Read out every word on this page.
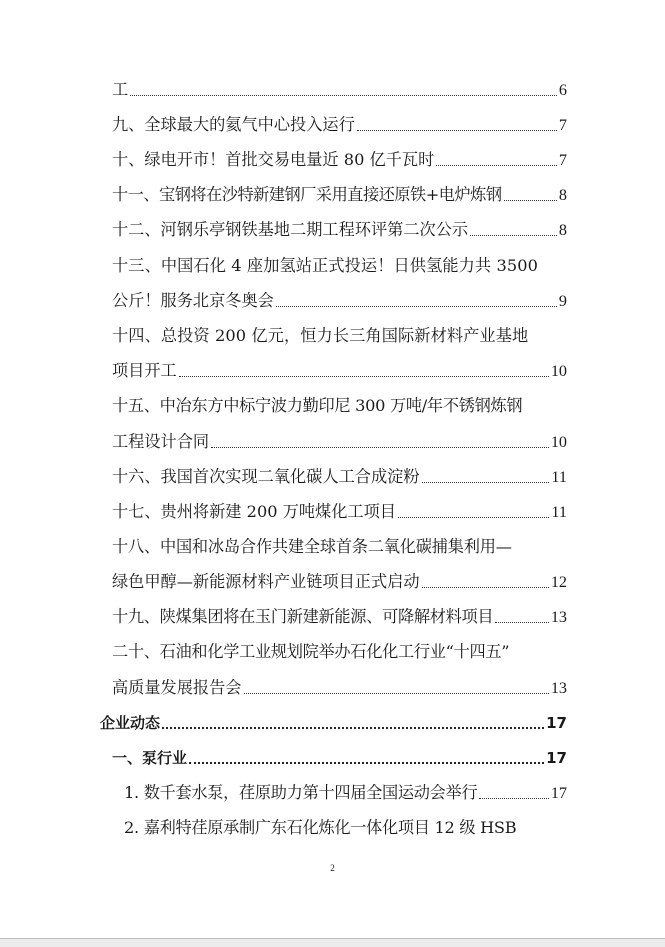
工	6
九、全球最大的氦气中心投入运行	7
十、绿电开市！首批交易电量近 80 亿千瓦时	7
十一、宝钢将在沙特新建钢厂采用直接还原铁+电炉炼钢	8
十二、河钢乐亭钢铁基地二期工程环评第二次公示	8
十三、中国石化 4 座加氢站正式投运！日供氢能力共 3500
公斤！服务北京冬奥会	9
十四、总投资 200 亿元，恒力长三角国际新材料产业基地
项目开工	10
十五、中冶东方中标宁波力勤印尼 300 万吨/年不锈钢炼钢
工程设计合同	10
十六、我国首次实现二氧化碳人工合成淀粉	11
十七、贵州将新建 200 万吨煤化工项目	11
十八、中国和冰岛合作共建全球首条二氧化碳捕集利用—
绿色甲醇—新能源材料产业链项目正式启动	12
十九、陕煤集团将在玉门新建新能源、可降解材料项目	13
二十、石油和化学工业规划院举办石化化工行业“十四五”
高质量发展报告会	13
企业动态	17
一、泵行业	17
1. 数千套水泵，荏原助力第十四届全国运动会举行	17
2. 嘉利特荏原承制广东石化炼化一体化项目 12 级 HSB
2
